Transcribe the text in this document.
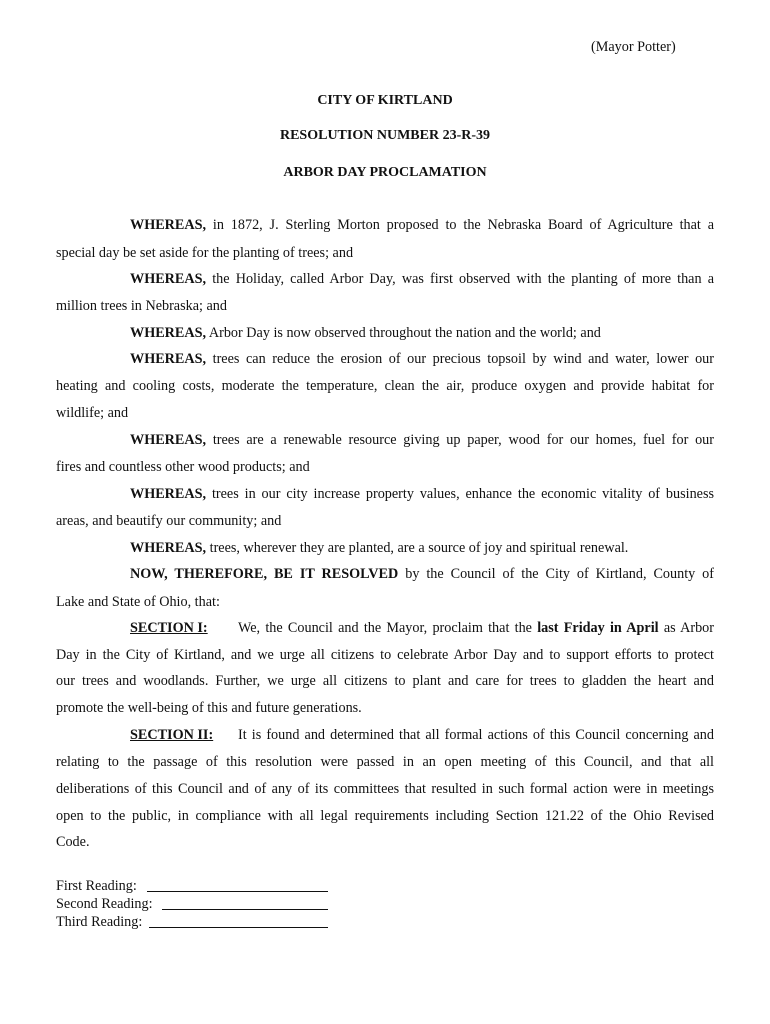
(Mayor Potter)
CITY OF KIRTLAND
RESOLUTION NUMBER 23-R-39
ARBOR DAY PROCLAMATION
WHEREAS, in 1872, J. Sterling Morton proposed to the Nebraska Board of Agriculture that a
special day be set aside for the planting of trees; and
WHEREAS, the Holiday, called Arbor Day, was first observed with the planting of more than a
million trees in Nebraska; and
WHEREAS, Arbor Day is now observed throughout the nation and the world; and
WHEREAS, trees can reduce the erosion of our precious topsoil by wind and water, lower our
heating and cooling costs, moderate the temperature, clean the air, produce oxygen and provide habitat for
wildlife; and
WHEREAS, trees are a renewable resource giving up paper, wood for our homes, fuel for our
fires and countless other wood products; and
WHEREAS, trees in our city increase property values, enhance the economic vitality of business
areas, and beautify our community; and
WHEREAS, trees, wherever they are planted, are a source of joy and spiritual renewal.
NOW, THEREFORE, BE IT RESOLVED by the Council of the City of Kirtland, County of
Lake and State of Ohio, that:
SECTION I: We, the Council and the Mayor, proclaim that the last Friday in April as Arbor
Day in the City of Kirtland, and we urge all citizens to celebrate Arbor Day and to support efforts to protect
our trees and woodlands. Further, we urge all citizens to plant and care for trees to gladden the heart and
promote the well-being of this and future generations.
SECTION II: It is found and determined that all formal actions of this Council concerning and
relating to the passage of this resolution were passed in an open meeting of this Council, and that all
deliberations of this Council and of any of its committees that resulted in such formal action were in meetings
open to the public, in compliance with all legal requirements including Section 121.22 of the Ohio Revised
Code.
First Reading:
Second Reading:
Third Reading:
